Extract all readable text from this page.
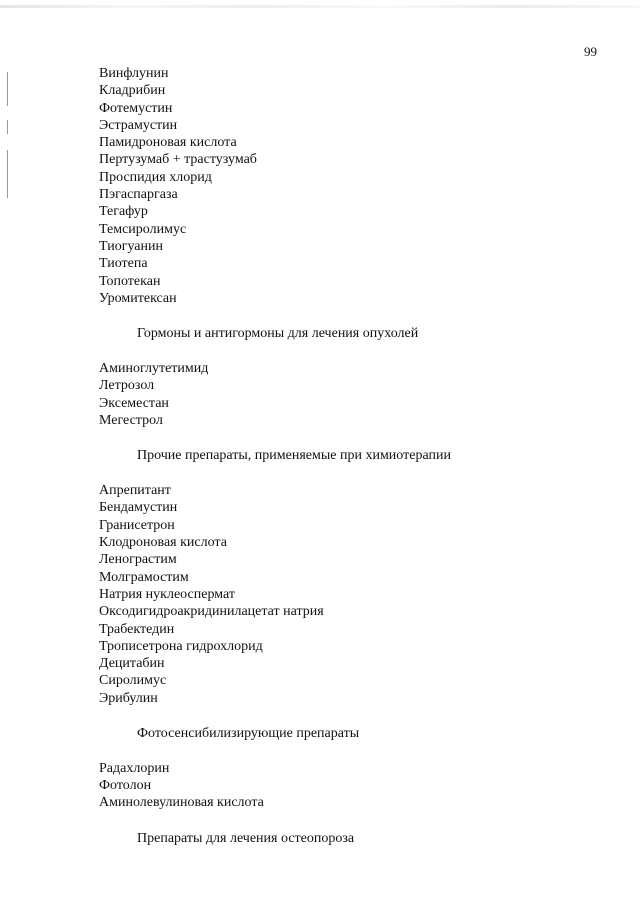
99
Винфлунин
Кладрибин
Фотемустин
Эстрамустин
Памидроновая кислота
Пертузумаб + трастузумаб
Проспидия хлорид
Пэгаспаргаза
Тегафур
Темсиролимус
Тиогуанин
Тиотепа
Топотекан
Уромитексан
Гормоны и антигормоны для лечения опухолей
Аминоглутетимид
Летрозол
Эксеместан
Мегестрол
Прочие препараты, применяемые при химиотерапии
Апрепитант
Бендамустин
Гранисетрон
Клодроновая кислота
Ленограстим
Молграмостим
Натрия нуклеоспермат
Оксодигидроакридинилацетат натрия
Трабектедин
Трописетрона гидрохлорид
Децитабин
Сиролимус
Эрибулин
Фотосенсибилизирующие препараты
Радахлорин
Фотолон
Аминолевулиновая кислота
Препараты для лечения остеопороза
